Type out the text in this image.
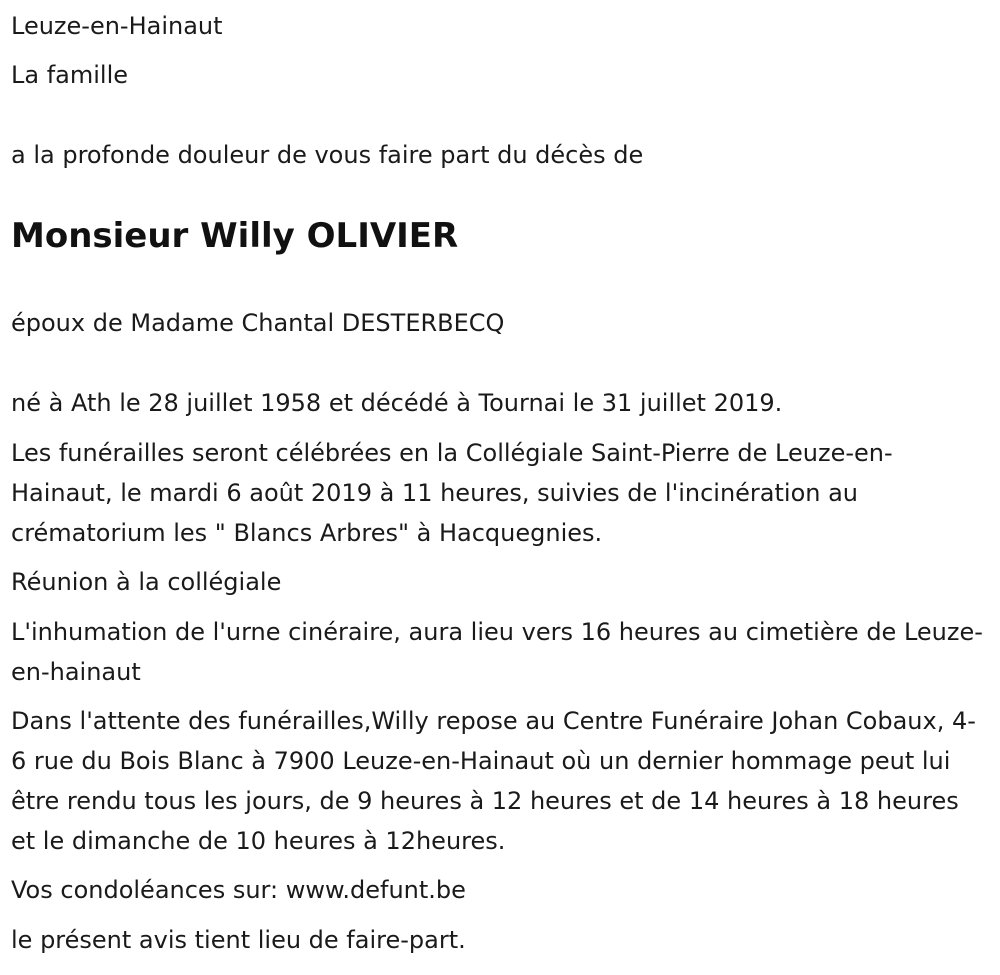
Leuze-en-Hainaut

La famille

a la profonde douleur de vous faire part du décès de

Monsieur Willy OLIVIER

époux de Madame Chantal DESTERBECQ

né à Ath le 28 juillet 1958 et décédé à Tournai le 31 juillet 2019.

Les funérailles seront célébrées en la Collégiale Saint-Pierre de Leuze-en-Hainaut, le mardi 6 août 2019 à 11 heures, suivies de l'incinération au crématorium les " Blancs Arbres" à Hacquegnies.

Réunion à la collégiale

L'inhumation de l'urne cinéraire, aura lieu vers 16 heures au cimetière de Leuze-en-hainaut

Dans l'attente des funérailles,Willy repose au Centre Funéraire Johan Cobaux, 4-6 rue du Bois Blanc à 7900 Leuze-en-Hainaut où un dernier hommage peut lui être rendu tous les jours, de 9 heures à 12 heures et de 14 heures à 18 heures et le dimanche de 10 heures à 12heures.

Vos condoléances sur: www.defunt.be

le présent avis tient lieu de faire-part.
